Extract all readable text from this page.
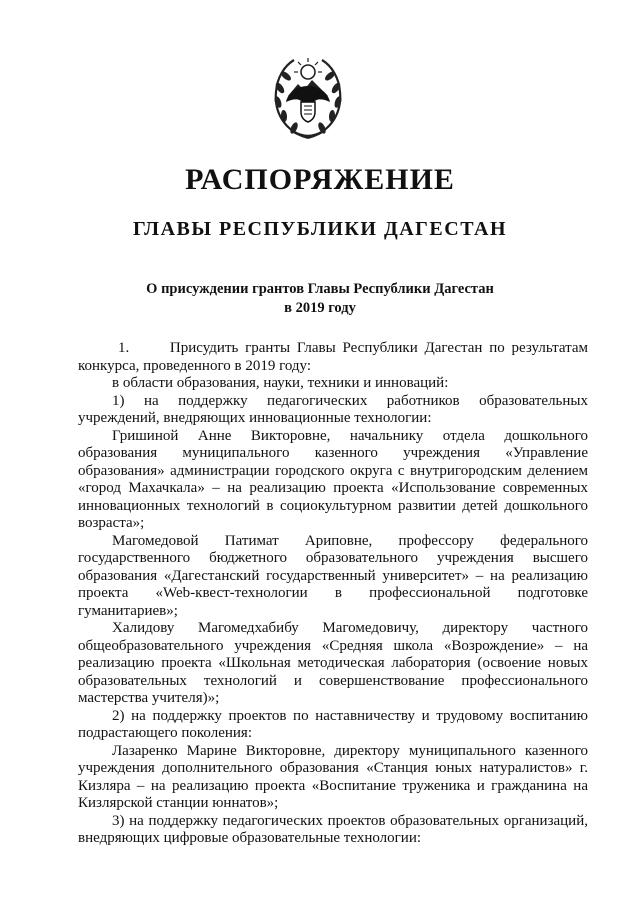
РАСПОРЯЖЕНИЕ
ГЛАВЫ РЕСПУБЛИКИ ДАГЕСТАН
О присуждении грантов Главы Республики Дагестан
в 2019 году

1.      Присудить гранты Главы Республики Дагестан по результатам конкурса, проведенного в 2019 году:

в области образования, науки, техники и инноваций:

1) на поддержку педагогических работников образовательных учреждений, внедряющих инновационные технологии:

Гришиной Анне Викторовне, начальнику отдела дошкольного образования муниципального казенного учреждения «Управление образования» администрации городского округа с внутригородским делением «город Махачкала» – на реализацию проекта «Использование современных инновационных технологий в социокультурном развитии детей дошкольного возраста»;

Магомедовой Патимат Ариповне, профессору федерального государственного бюджетного образовательного учреждения высшего образования «Дагестанский государственный университет» – на реализацию проекта «Web-квест-технологии в профессиональной подготовке гуманитариев»;

Халидову Магомедхабибу Магомедовичу, директору частного общеобразовательного учреждения «Средняя школа «Возрождение» – на реализацию проекта «Школьная методическая лаборатория (освоение новых образовательных технологий и совершенствование профессионального мастерства учителя)»;

2) на поддержку проектов по наставничеству и трудовому воспитанию подрастающего поколения:

Лазаренко Марине Викторовне, директору муниципального казенного учреждения дополнительного образования «Станция юных натуралистов» г. Кизляра – на реализацию проекта «Воспитание труженика и гражданина на Кизлярской станции юннатов»;

3) на поддержку педагогических проектов образовательных организаций, внедряющих цифровые образовательные технологии:
